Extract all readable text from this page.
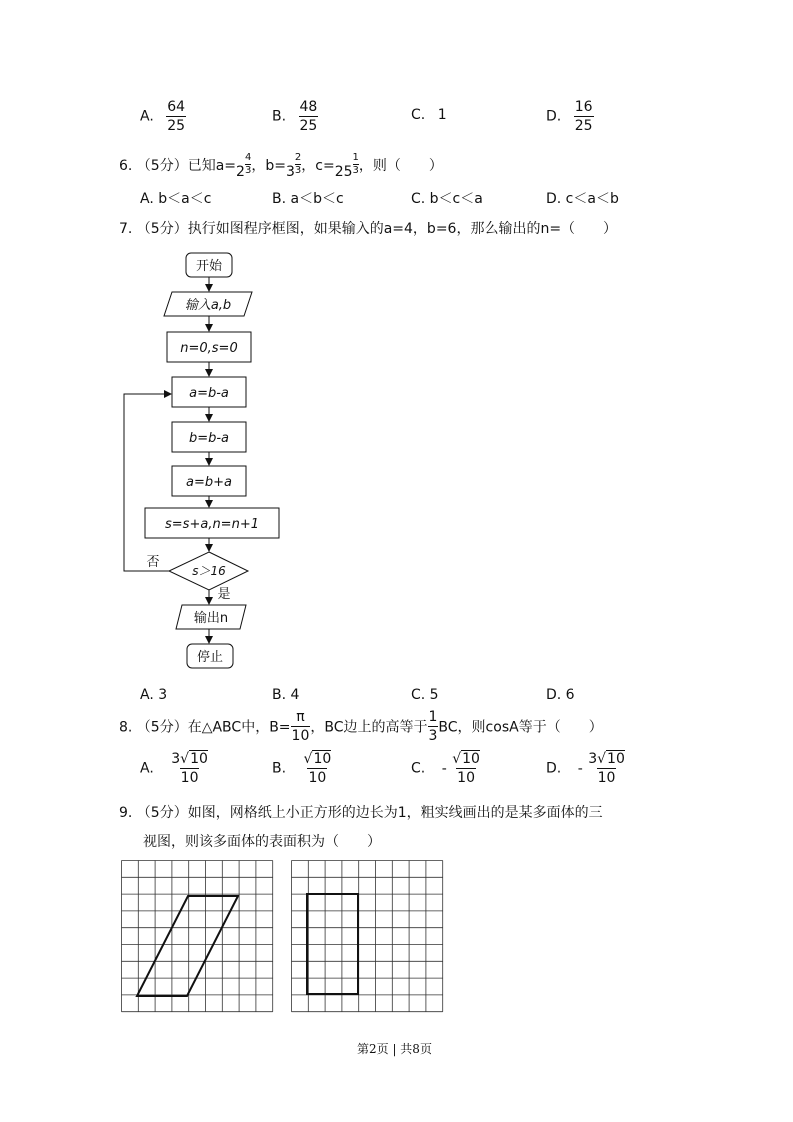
A. $\frac{64}{25}$	B. $\frac{48}{25}$	C. 1	D. $\frac{16}{25}$
6. （5分）已知$a=2 \frac{4}{3}$ ，$b=3 \frac{2}{3}$ ，$c=25 \frac{1}{3}$ ，则（　　）
A. b＜a＜c	B. a＜b＜c	C. b＜c＜a	D. c＜a＜b
7. （5分）执行如图程序框图，如果输入的a=4，b=6，那么输出的n=（　　）
开始
输入a,b
n=0,s=0
a=b-a
b=b-a
a=b+a
s=s+a,n=n+1
s＞16
否
是
输出n
停止
A. 3	B. 4	C. 5	D. 6
8. （5分）在△ABC中，$B= \frac{\pi}{10}$ ，BC边上的高等于 $\frac{1}{3}$ BC，则cosA等于（　　）
A. $\frac{3√10}{10}$	B. $\frac{√10}{10}$	C. - $\frac{√10}{10}$	D. - $\frac{3√10}{10}$
9. （5分）如图，网格纸上小正方形的边长为1，粗实线画出的是某多面体的三
视图，则该多面体的表面积为（　　）
第2页 | 共8页
